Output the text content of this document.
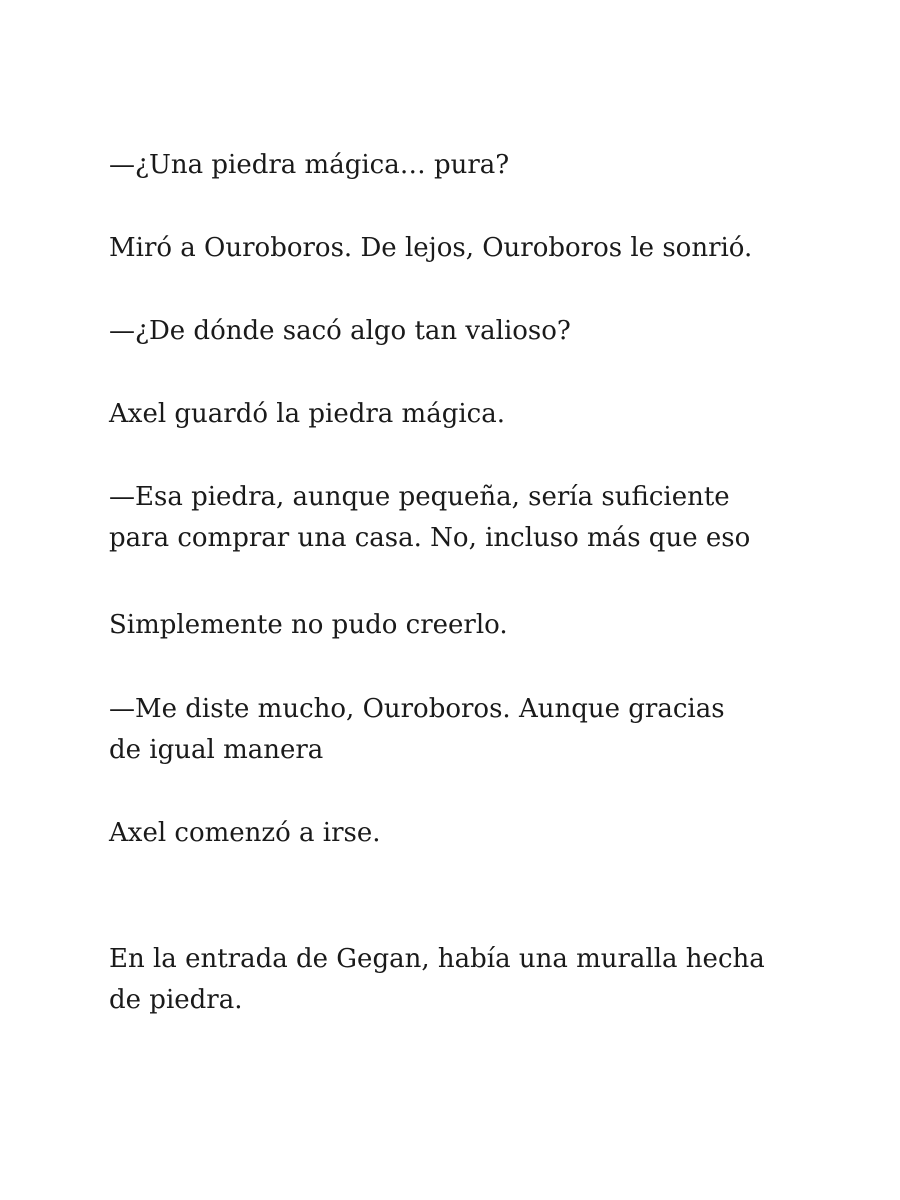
—¿Una piedra mágica… pura?

Miró a Ouroboros. De lejos, Ouroboros le sonrió.

—¿De dónde sacó algo tan valioso?

Axel guardó la piedra mágica.

—Esa piedra, aunque pequeña, sería suficiente
para comprar una casa. No, incluso más que eso

Simplemente no pudo creerlo.

—Me diste mucho, Ouroboros. Aunque gracias
de igual manera

Axel comenzó a irse.

En la entrada de Gegan, había una muralla hecha
de piedra.
